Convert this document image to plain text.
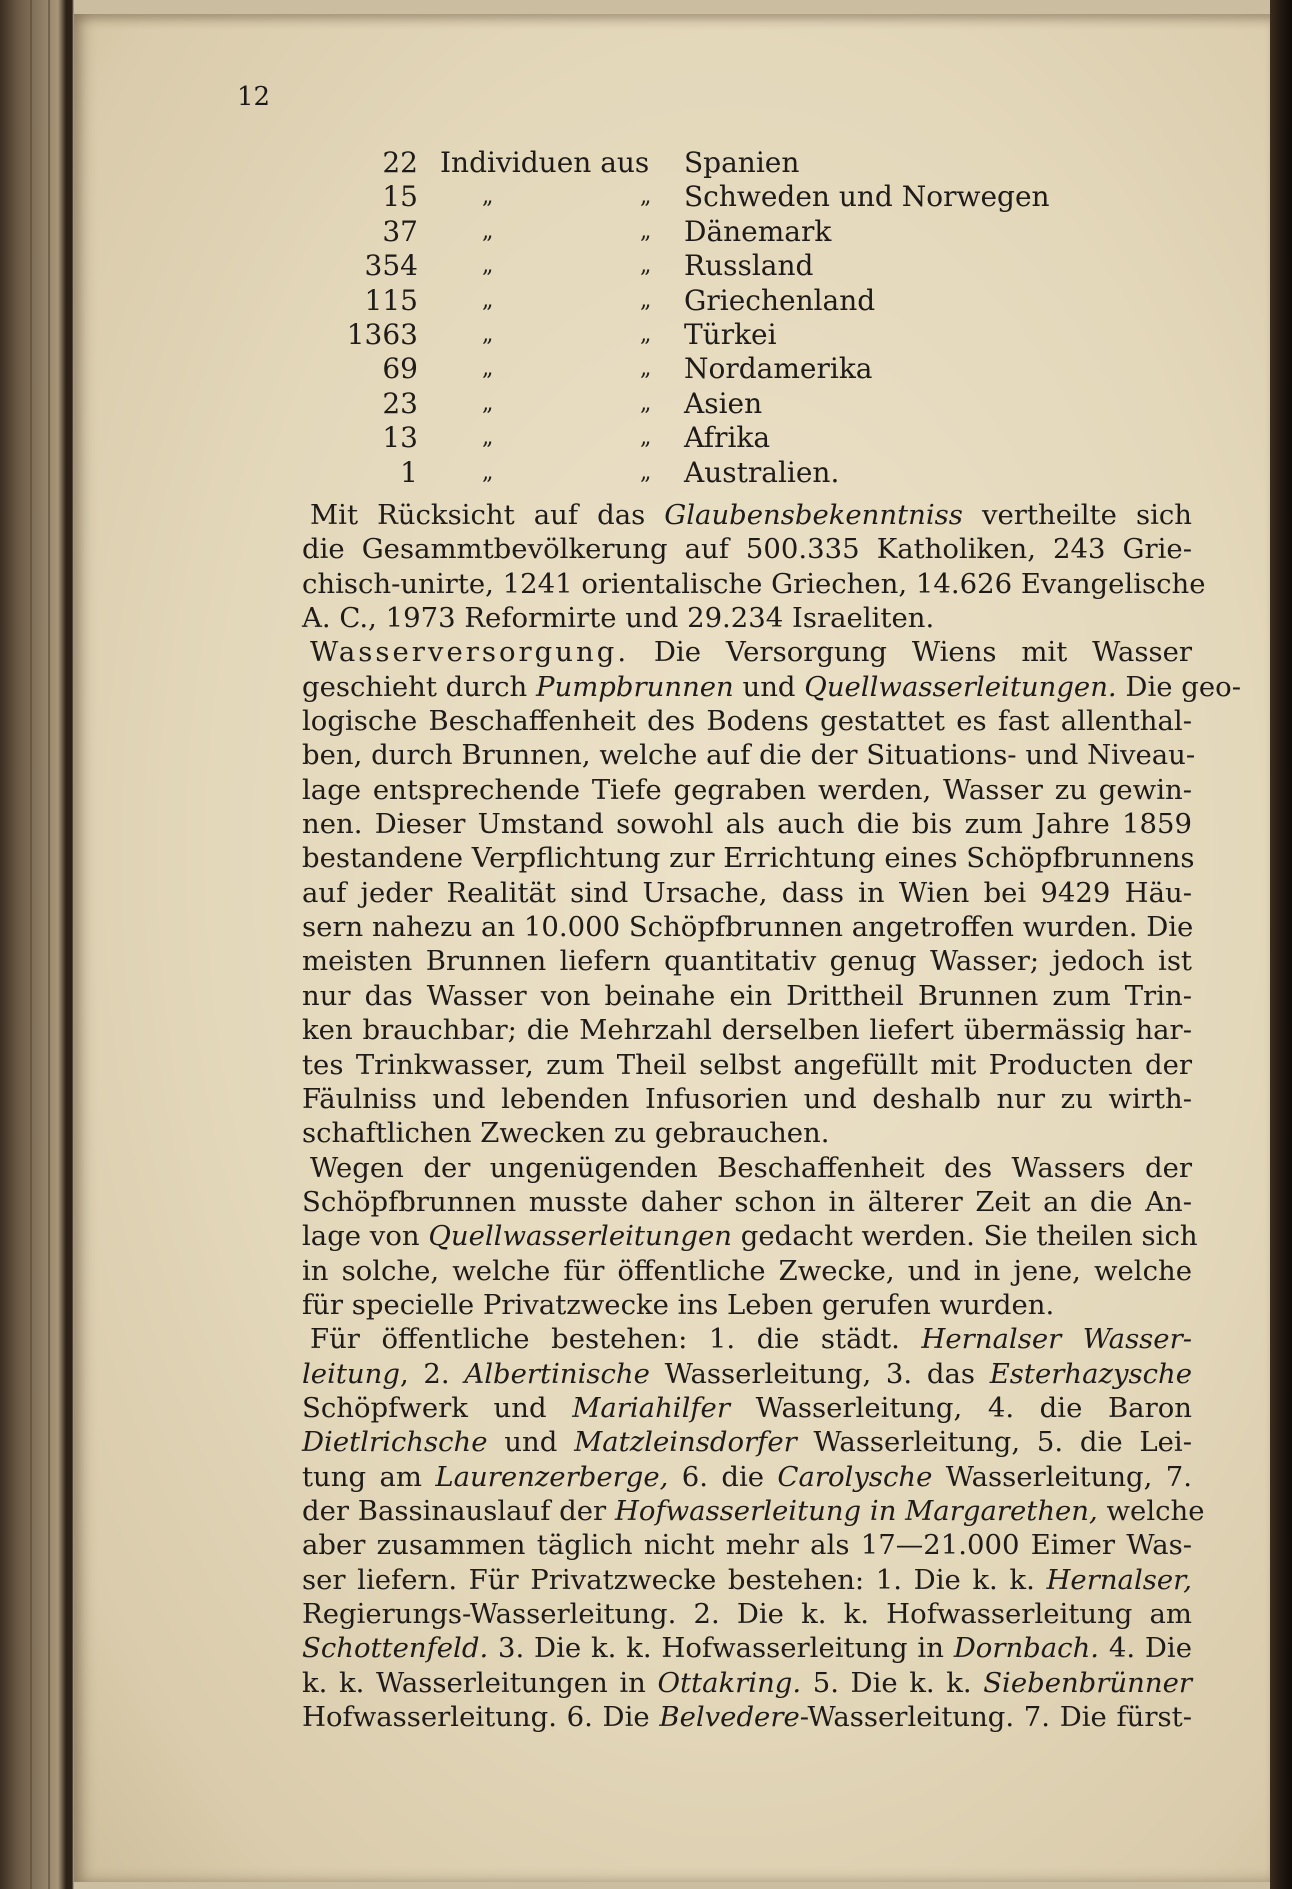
12
22 Individuen aus Spanien
15	„	„ Schweden und Norwegen
37	„	„ Dänemark
354	„	„ Russland
115	„	„ Griechenland
1363	„	„ Türkei
69	„	„ Nordamerika
23	„	„ Asien
13	„	„ Afrika
1	„	„ Australien.
Mit Rücksicht auf das Glaubensbekenntniss vertheilte sich
die Gesammtbevölkerung auf 500.335 Katholiken, 243 Grie-
chisch-unirte, 1241 orientalische Griechen, 14.626 Evangelische
A. C., 1973 Reformirte und 29.234 Israeliten.
Wasserversorgung. Die Versorgung Wiens mit Wasser
geschieht durch Pumpbrunnen und Quellwasserleitungen. Die geo-
logische Beschaffenheit des Bodens gestattet es fast allenthal-
ben, durch Brunnen, welche auf die der Situations- und Niveau-
lage entsprechende Tiefe gegraben werden, Wasser zu gewin-
nen. Dieser Umstand sowohl als auch die bis zum Jahre 1859
bestandene Verpflichtung zur Errichtung eines Schöpfbrunnens
auf jeder Realität sind Ursache, dass in Wien bei 9429 Häu-
sern nahezu an 10.000 Schöpfbrunnen angetroffen wurden. Die
meisten Brunnen liefern quantitativ genug Wasser; jedoch ist
nur das Wasser von beinahe ein Drittheil Brunnen zum Trin-
ken brauchbar; die Mehrzahl derselben liefert übermässig har-
tes Trinkwasser, zum Theil selbst angefüllt mit Producten der
Fäulniss und lebenden Infusorien und deshalb nur zu wirth-
schaftlichen Zwecken zu gebrauchen.
Wegen der ungenügenden Beschaffenheit des Wassers der
Schöpfbrunnen musste daher schon in älterer Zeit an die An-
lage von Quellwasserleitungen gedacht werden. Sie theilen sich
in solche, welche für öffentliche Zwecke, und in jene, welche
für specielle Privatzwecke ins Leben gerufen wurden.
Für öffentliche bestehen: 1. die städt. Hernalser Wasser-
leitung, 2. Albertinische Wasserleitung, 3. das Esterhazysche
Schöpfwerk und Mariahilfer Wasserleitung, 4. die Baron
Dietlrichsche und Matzleinsdorfer Wasserleitung, 5. die Lei-
tung am Laurenzerberge, 6. die Carolysche Wasserleitung, 7.
der Bassinauslauf der Hofwasserleitung in Margarethen, welche
aber zusammen täglich nicht mehr als 17—21.000 Eimer Was-
ser liefern. Für Privatzwecke bestehen: 1. Die k. k. Hernalser,
Regierungs-Wasserleitung. 2. Die k. k. Hofwasserleitung am
Schottenfeld. 3. Die k. k. Hofwasserleitung in Dornbach. 4. Die
k. k. Wasserleitungen in Ottakring. 5. Die k. k. Siebenbrünner
Hofwasserleitung. 6. Die Belvedere-Wasserleitung. 7. Die fürst-
